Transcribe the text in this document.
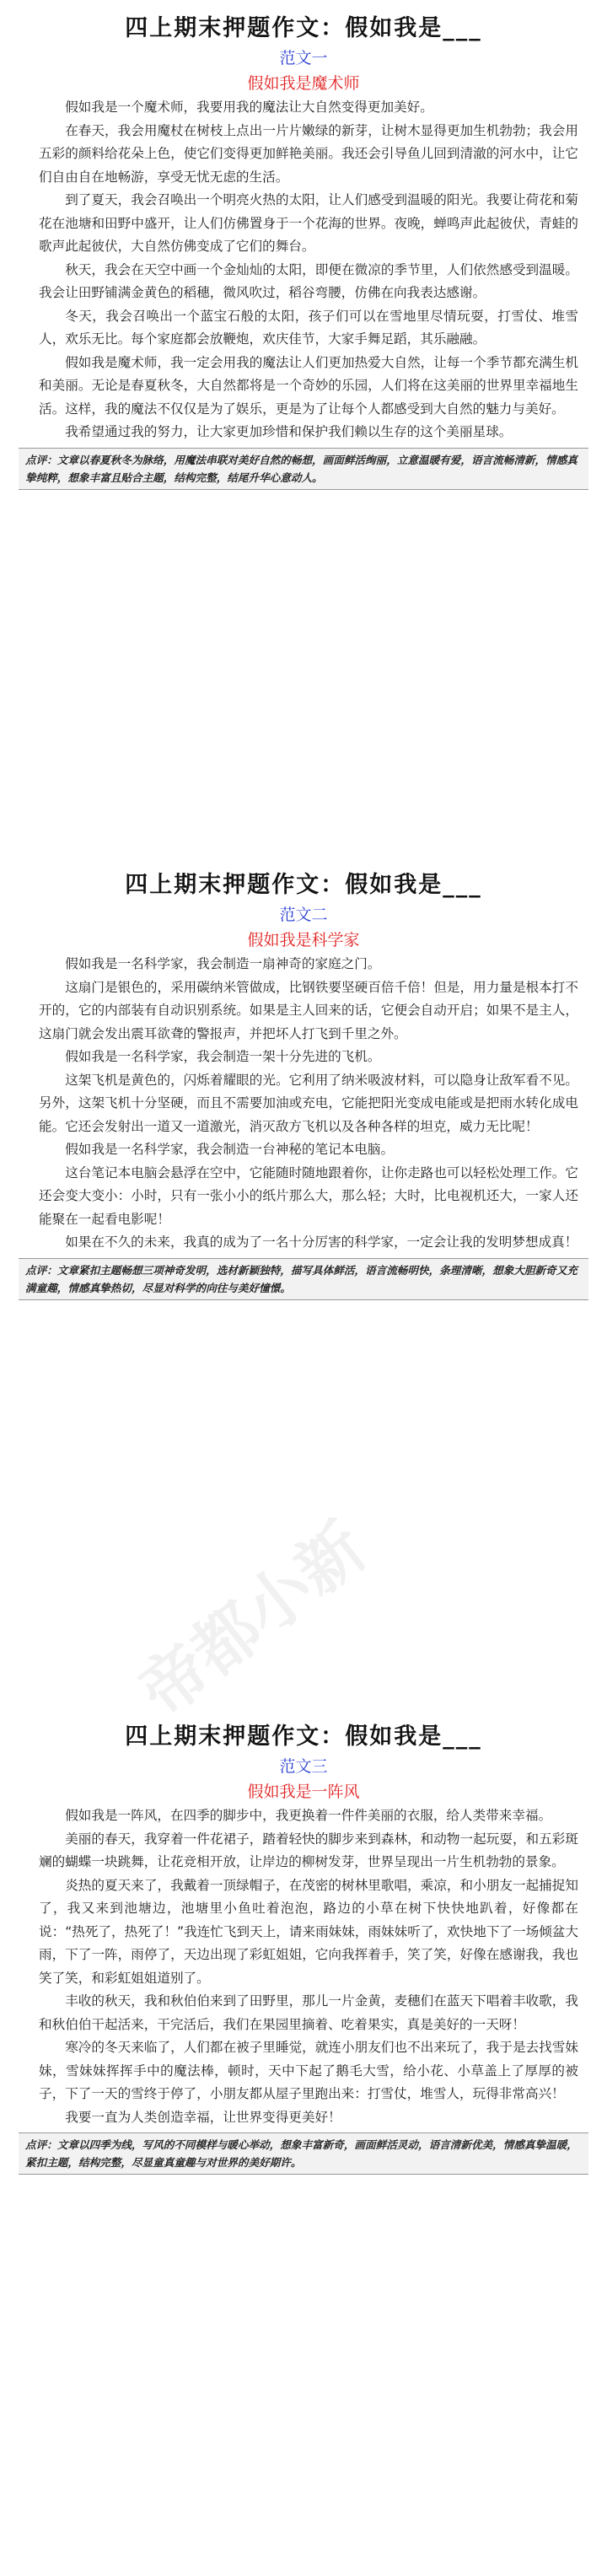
帝都小新
四上期末押题作文：假如我是___
范文一
假如我是魔术师

假如我是一个魔术师，我要用我的魔法让大自然变得更加美好。

在春天，我会用魔杖在树枝上点出一片片嫩绿的新芽，让树木显得更加生机勃勃；我会用五彩的颜料给花朵上色，使它们变得更加鲜艳美丽。我还会引导鱼儿回到清澈的河水中，让它们自由自在地畅游，享受无忧无虑的生活。

到了夏天，我会召唤出一个明亮火热的太阳，让人们感受到温暖的阳光。我要让荷花和菊花在池塘和田野中盛开，让人们仿佛置身于一个花海的世界。夜晚，蝉鸣声此起彼伏，青蛙的歌声此起彼伏，大自然仿佛变成了它们的舞台。

秋天，我会在天空中画一个金灿灿的太阳，即便在微凉的季节里，人们依然感受到温暖。我会让田野铺满金黄色的稻穗，微风吹过，稻谷弯腰，仿佛在向我表达感谢。

冬天，我会召唤出一个蓝宝石般的太阳，孩子们可以在雪地里尽情玩耍，打雪仗、堆雪人，欢乐无比。每个家庭都会放鞭炮，欢庆佳节，大家手舞足蹈，其乐融融。

假如我是魔术师，我一定会用我的魔法让人们更加热爱大自然，让每一个季节都充满生机和美丽。无论是春夏秋冬，大自然都将是一个奇妙的乐园，人们将在这美丽的世界里幸福地生活。这样，我的魔法不仅仅是为了娱乐，更是为了让每个人都感受到大自然的魅力与美好。

我希望通过我的努力，让大家更加珍惜和保护我们赖以生存的这个美丽星球。

点评：文章以春夏秋冬为脉络，用魔法串联对美好自然的畅想，画面鲜活绚丽，立意温暖有爱，语言流畅清新，情感真挚纯粹，想象丰富且贴合主题，结构完整，结尾升华心意动人。
四上期末押题作文：假如我是___
范文二
假如我是科学家

假如我是一名科学家，我会制造一扇神奇的家庭之门。

这扇门是银色的，采用碳纳米管做成，比钢铁要坚硬百倍千倍！但是，用力量是根本打不开的，它的内部装有自动识别系统。如果是主人回来的话，它便会自动开启；如果不是主人，这扇门就会发出震耳欲聋的警报声，并把坏人打飞到千里之外。

假如我是一名科学家，我会制造一架十分先进的飞机。

这架飞机是黄色的，闪烁着耀眼的光。它利用了纳米吸波材料，可以隐身让敌军看不见。另外，这架飞机十分坚硬，而且不需要加油或充电，它能把阳光变成电能或是把雨水转化成电能。它还会发射出一道又一道激光，消灭敌方飞机以及各种各样的坦克，威力无比呢！

假如我是一名科学家，我会制造一台神秘的笔记本电脑。

这台笔记本电脑会悬浮在空中，它能随时随地跟着你，让你走路也可以轻松处理工作。它还会变大变小：小时，只有一张小小的纸片那么大，那么轻；大时，比电视机还大，一家人还能聚在一起看电影呢！

如果在不久的未来，我真的成为了一名十分厉害的科学家，一定会让我的发明梦想成真！

点评：文章紧扣主题畅想三项神奇发明，选材新颖独特，描写具体鲜活，语言流畅明快，条理清晰，想象大胆新奇又充满童趣，情感真挚热切，尽显对科学的向往与美好憧憬。
四上期末押题作文：假如我是___
范文三
假如我是一阵风

假如我是一阵风，在四季的脚步中，我更换着一件件美丽的衣服，给人类带来幸福。

美丽的春天，我穿着一件花裙子，踏着轻快的脚步来到森林，和动物一起玩耍，和五彩斑斓的蝴蝶一块跳舞，让花竞相开放，让岸边的柳树发芽，世界呈现出一片生机勃勃的景象。

炎热的夏天来了，我戴着一顶绿帽子，在茂密的树林里歌唱，乘凉，和小朋友一起捕捉知了，我又来到池塘边，池塘里小鱼吐着泡泡，路边的小草在树下快快地趴着，好像都在说：“热死了，热死了！”我连忙飞到天上，请来雨妹妹，雨妹妹听了，欢快地下了一场倾盆大雨，下了一阵，雨停了，天边出现了彩虹姐姐，它向我挥着手，笑了笑，好像在感谢我，我也笑了笑，和彩虹姐姐道别了。

丰收的秋天，我和秋伯伯来到了田野里，那儿一片金黄，麦穗们在蓝天下唱着丰收歌，我和秋伯伯干起活来，干完活后，我们在果园里摘着、吃着果实，真是美好的一天呀！

寒冷的冬天来临了，人们都在被子里睡觉，就连小朋友们也不出来玩了，我于是去找雪妹妹，雪妹妹挥挥手中的魔法棒，顿时，天中下起了鹅毛大雪，给小花、小草盖上了厚厚的被子，下了一天的雪终于停了，小朋友都从屋子里跑出来：打雪仗，堆雪人，玩得非常高兴！

我要一直为人类创造幸福，让世界变得更美好！

点评：文章以四季为线，写风的不同模样与暖心举动，想象丰富新奇，画面鲜活灵动，语言清新优美，情感真挚温暖，紧扣主题，结构完整，尽显童真童趣与对世界的美好期许。
